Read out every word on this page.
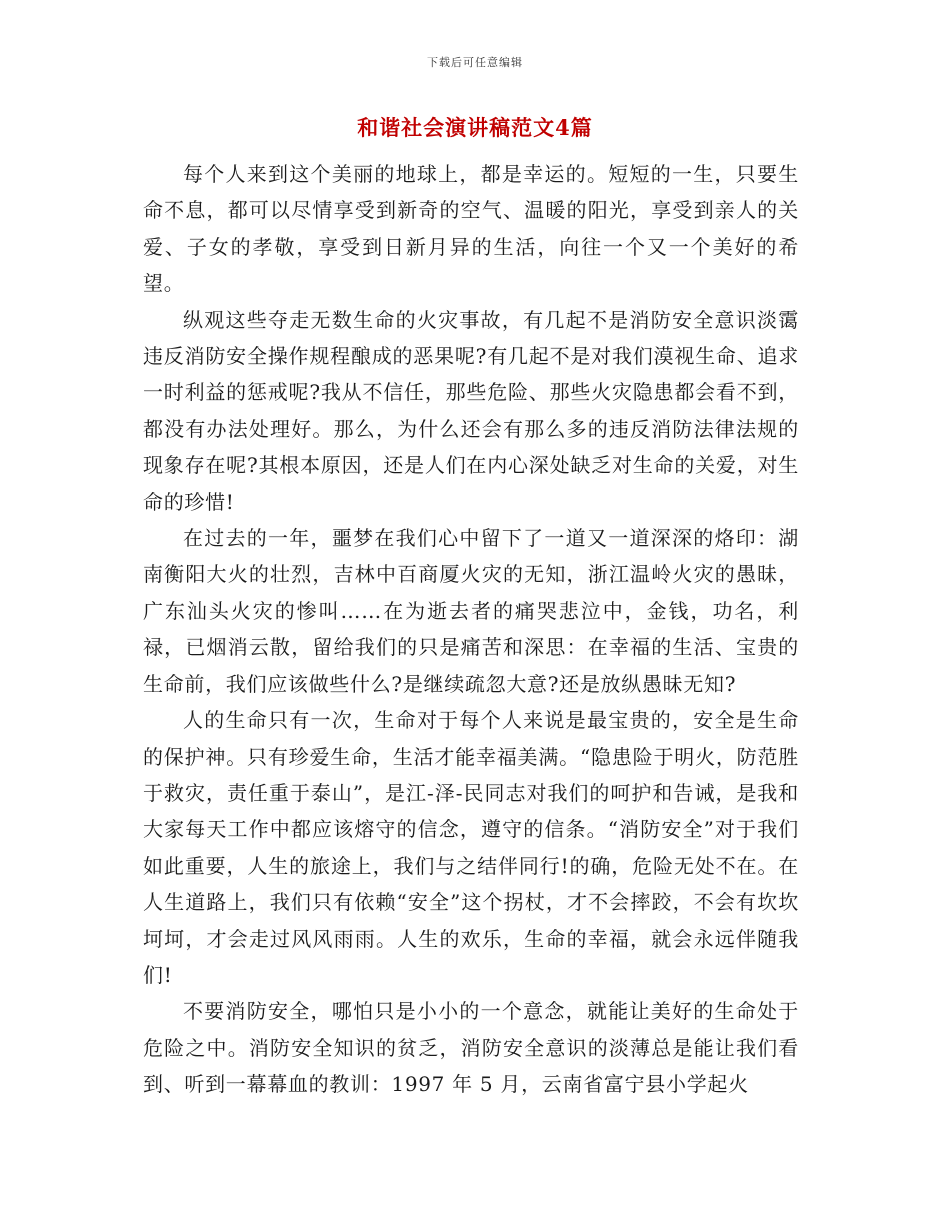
下载后可任意编辑
和谐社会演讲稿范文4篇

每个人来到这个美丽的地球上，都是幸运的。短短的一生，只要生命不息，都可以尽情享受到新奇的空气、温暖的阳光，享受到亲人的关爱、子女的孝敬，享受到日新月异的生活，向往一个又一个美好的希望。

纵观这些夺走无数生命的火灾事故，有几起不是消防安全意识淡霭违反消防安全操作规程酿成的恶果呢?有几起不是对我们漠视生命、追求一时利益的惩戒呢?我从不信任，那些危险、那些火灾隐患都会看不到，都没有办法处理好。那么，为什么还会有那么多的违反消防法律法规的现象存在呢?其根本原因，还是人们在内心深处缺乏对生命的关爱，对生命的珍惜!

在过去的一年，噩梦在我们心中留下了一道又一道深深的烙印：湖南衡阳大火的壮烈，吉林中百商厦火灾的无知，浙江温岭火灾的愚昧，广东汕头火灾的惨叫……在为逝去者的痛哭悲泣中，金钱，功名，利禄，已烟消云散，留给我们的只是痛苦和深思：在幸福的生活、宝贵的生命前，我们应该做些什么?是继续疏忽大意?还是放纵愚昧无知?

人的生命只有一次，生命对于每个人来说是最宝贵的，安全是生命的保护神。只有珍爱生命，生活才能幸福美满。“隐患险于明火，防范胜于救灾，责任重于泰山”，是江-泽-民同志对我们的呵护和告诫，是我和大家每天工作中都应该熔守的信念，遵守的信条。“消防安全”对于我们如此重要，人生的旅途上，我们与之结伴同行!的确，危险无处不在。在人生道路上，我们只有依赖“安全”这个拐杖，才不会摔跤，不会有坎坎坷坷，才会走过风风雨雨。人生的欢乐，生命的幸福，就会永远伴随我们!

不要消防安全，哪怕只是小小的一个意念，就能让美好的生命处于危险之中。消防安全知识的贫乏，消防安全意识的淡薄总是能让我们看到、听到一幕幕血的教训：1997 年 5 月，云南省富宁县小学起火
